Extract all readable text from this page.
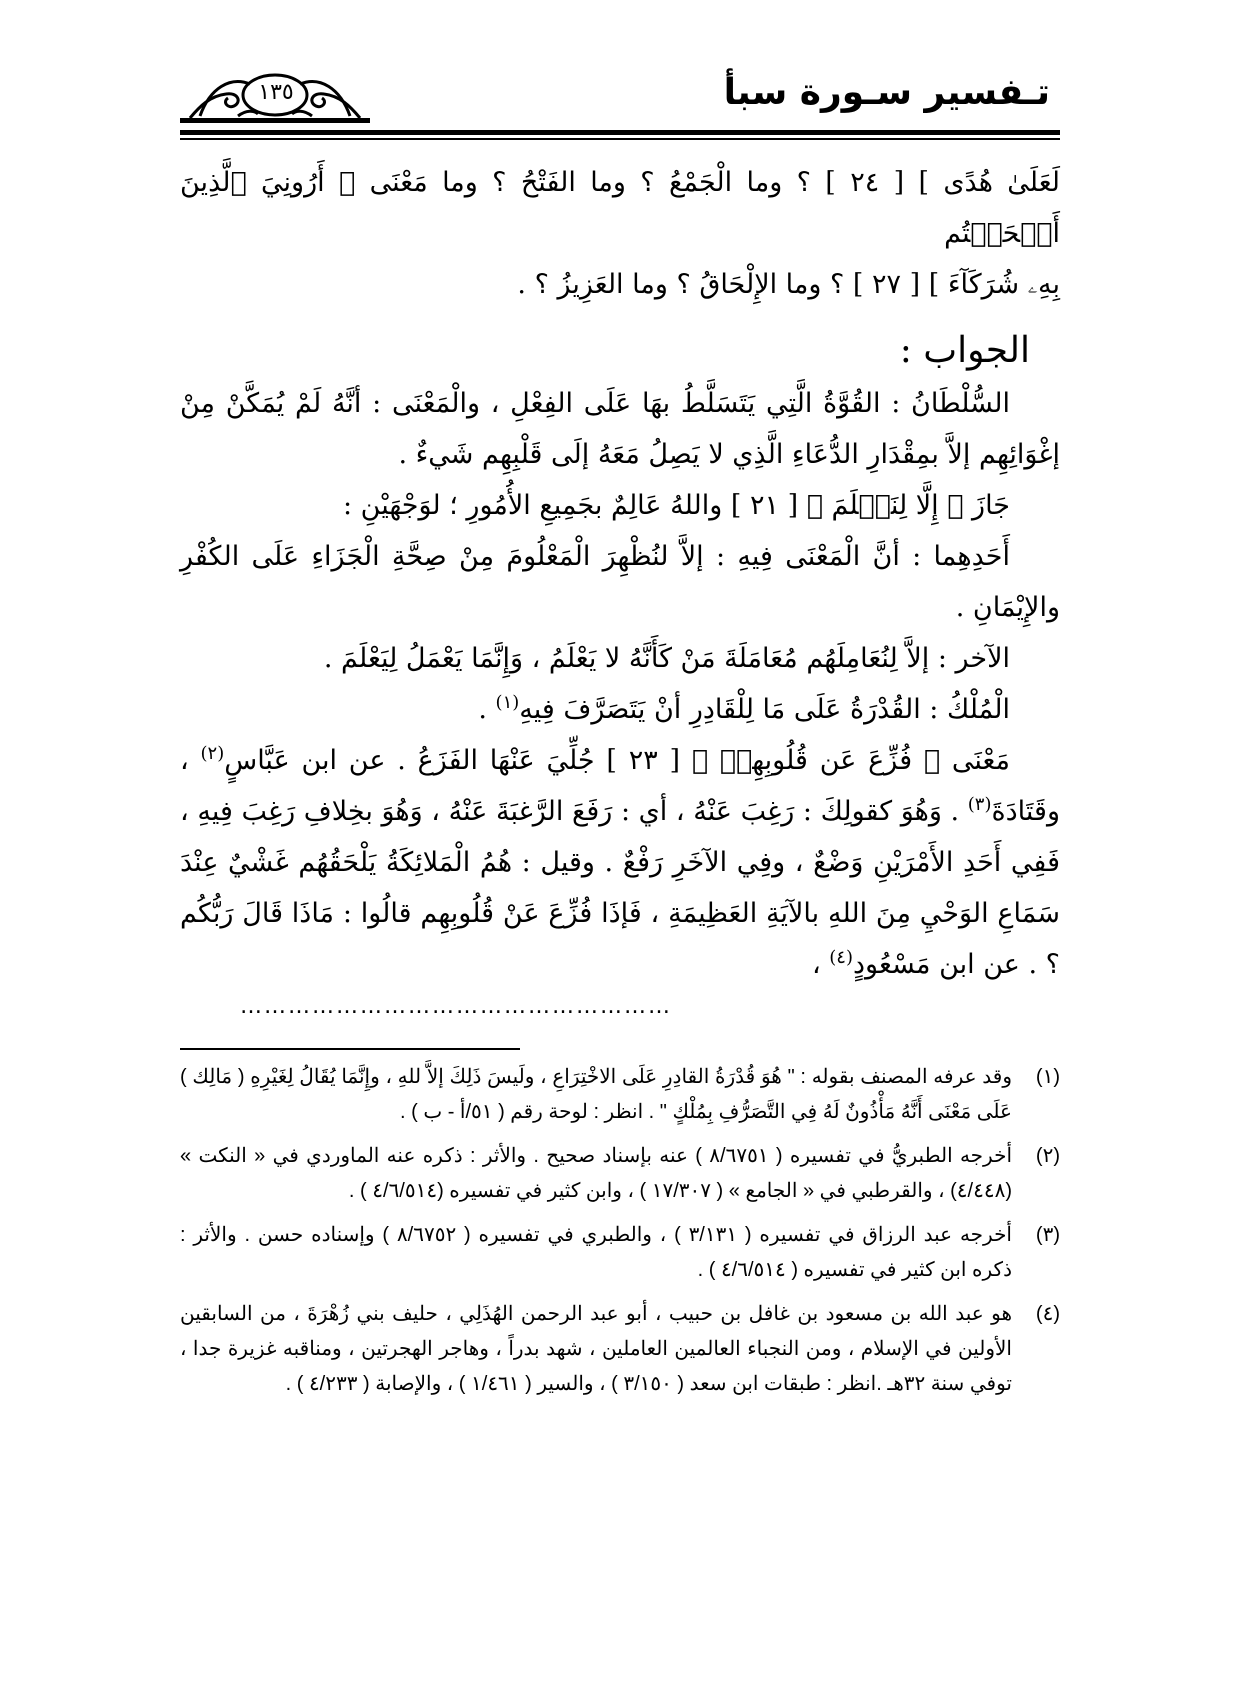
تـفسير سـورة سبأ
١٣٥

لَعَلَىٰ هُدًى ] [ ٢٤ ] ؟ وما الْجَمْعُ ؟ وما الفَتْحُ ؟ وما مَعْنَى ﴿ أَرُونِيَ ٱلَّذِينَ أَلۡحَقۡتُم

بِهِۦ شُرَكَآءَ ] [ ٢٧ ] ؟ وما الإِلْحَاقُ ؟ وما العَزِيزُ ؟ .

الجواب :

السُّلْطَانُ : القُوَّةُ الَّتِي يَتَسَلَّطُ بهَا عَلَى الفِعْلِ ، والْمَعْنَى : أنَّهُ لَمْ يُمَكَّنْ مِنْ إغْوَائِهِم إلاَّ بمِقْدَارِ الدُّعَاءِ الَّذِي لا يَصِلُ مَعَهُ إلَى قَلْبِهِم شَيءٌ .

جَازَ ﴿ إِلَّا لِنَعۡلَمَ ﴾ [ ٢١ ] واللهُ عَالِمٌ بجَمِيعِ الأُمُورِ ؛ لوَجْهَيْنِ :

أَحَدِهِما : أنَّ الْمَعْنَى فِيهِ : إلاَّ لنُظْهِرَ الْمَعْلُومَ مِنْ صِحَّةِ الْجَزَاءِ عَلَى الكُفْرِ والإِيْمَانِ .

الآخر : إلاَّ لِنُعَامِلَهُم مُعَامَلَةَ مَنْ كَأَنَّهُ لا يَعْلَمُ ، وَإِنَّمَا يَعْمَلُ لِيَعْلَمَ .

الْمُلْكُ : القُدْرَةُ عَلَى مَا لِلْقَادِرِ أنْ يَتَصَرَّفَ فِيهِ$^{(١)}$ .

مَعْنَى ﴿ فُزِّعَ عَن قُلُوبِهِمۡ ﴾ [ ٢٣ ] جُلِّيَ عَنْهَا الفَزَعُ . عن ابن عَبَّاسٍ$^{(٢)}$ ، وقَتَادَةَ$^{(٣)}$ . وَهُوَ كقولِكَ : رَغِبَ عَنْهُ ، أي : رَفَعَ الرَّغبَةَ عَنْهُ ، وَهُوَ بخِلافِ رَغِبَ فِيهِ ، فَفِي أَحَدِ الأَمْرَيْنِ وَضْعٌ ، وفِي الآخَرِ رَفْعٌ . وقيل : هُمُ الْمَلائِكَةُ يَلْحَقُهُم غَشْيٌ عِنْدَ سَمَاعِ الوَحْيِ مِنَ اللهِ بالآيَةِ العَظِيمَةِ ، فَإذَا فُزِّعَ عَنْ قُلُوبِهِم قالُوا : مَاذَا قَالَ رَبُّكُم ؟ . عن ابن مَسْعُودٍ$^{(٤)}$ ،

………………………………………………
(١)
وقد عرفه المصنف بقوله : " هُوَ قُدْرَةُ القادِرِ عَلَى الاخْتِرَاعِ ، ولَيسَ ذَلِكَ إلاَّ للهِ ، وإِنَّمَا يُقَالُ لِغَيْرِهِ ( مَالِك ) عَلَى مَعْنَى أَنَّهُ مَأْذُونٌ لَهُ فِي التَّصَرُّفِ بِمُلْكٍ " . انظر : لوحة رقم ( ٥١/أ - ب ) .
(٢)
أخرجه الطبريُّ في تفسيره ( ٨/٦٧٥١ ) عنه بإسناد صحيح . والأثر : ذكره عنه الماوردي في « النكت » (٤/٤٤٨) ، والقرطبي في « الجامع » ( ١٧/٣٠٧ ) ، وابن كثير في تفسيره (٤/٦/٥١٤ ) .
(٣)
أخرجه عبد الرزاق في تفسيره ( ٣/١٣١ ) ، والطبري في تفسيره ( ٨/٦٧٥٢ ) وإسناده حسن . والأثر : ذكره ابن كثير في تفسيره ( ٤/٦/٥١٤ ) .
(٤)
هو عبد الله بن مسعود بن غافل بن حبيب ، أبو عبد الرحمن الهُذَلِي ، حليف بني زُهْرَةَ ، من السابقين الأولين في الإسلام ، ومن النجباء العالمين العاملين ، شهد بدراً ، وهاجر الهجرتين ، ومناقبه غزيرة جدا ، توفي سنة ٣٢هـ .انظر : طبقات ابن سعد ( ٣/١٥٠ ) ، والسير ( ١/٤٦١ ) ، والإصابة ( ٤/٢٣٣ ) .
